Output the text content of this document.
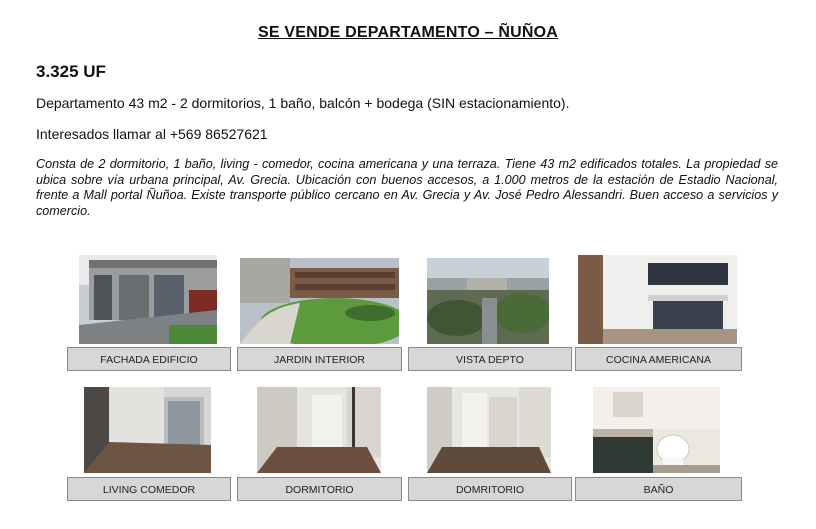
SE VENDE DEPARTAMENTO – ÑUÑOA
3.325 UF
Departamento 43 m2 - 2 dormitorios, 1 baño, balcón + bodega (SIN estacionamiento).
Interesados llamar al +569 86527621
Consta de 2 dormitorio, 1 baño, living - comedor, cocina americana y una terraza. Tiene 43 m2 edificados totales. La propiedad se ubica sobre vía urbana principal, Av. Grecia. Ubicación con buenos accesos, a 1.000 metros de la estación de Estadio Nacional, frente a Mall portal Ñuñoa. Existe transporte público cercano en Av. Grecia y Av. José Pedro Alessandri. Buen acceso a servicios y comercio.
FACHADA EDIFICIO	JARDIN INTERIOR	VISTA DEPTO	COCINA AMERICANA
LIVING COMEDOR	DORMITORIO	DOMRITORIO	BAÑO
